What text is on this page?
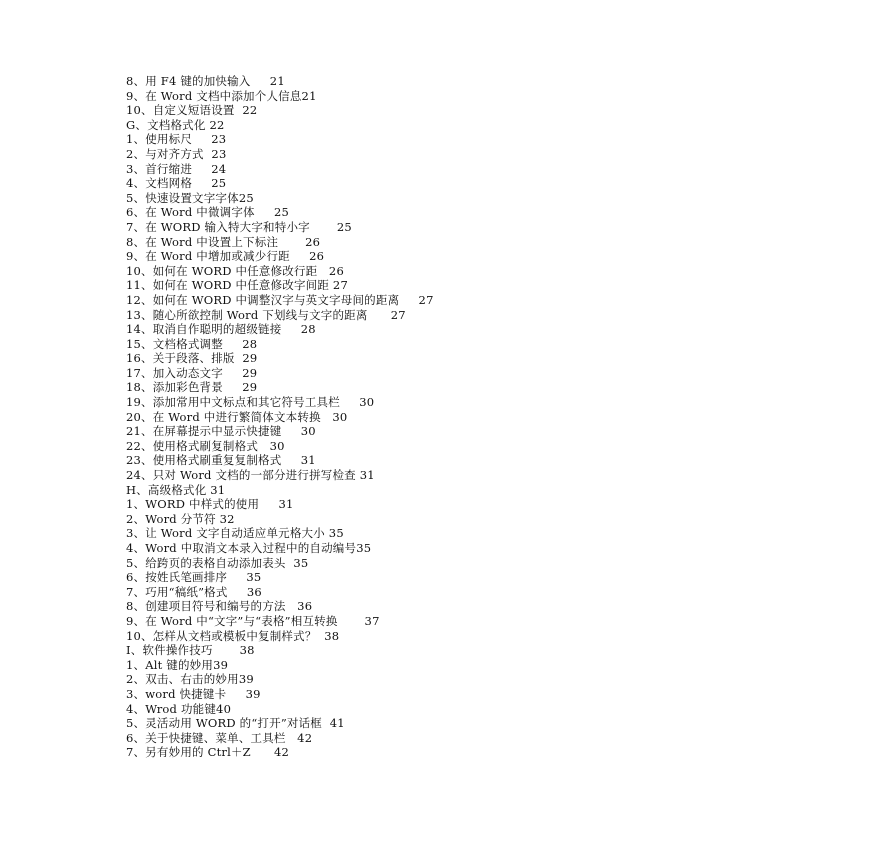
8、用 F4 键的加快输入     21
9、在 Word 文档中添加个人信息21
10、自定义短语设置  22
G、文档格式化 22
1、使用标尺     23
2、与对齐方式  23
3、首行缩进     24
4、文档网格     25
5、快速设置文字字体25
6、在 Word 中微调字体     25
7、在 WORD 输入特大字和特小字       25
8、在 Word 中设置上下标注       26
9、在 Word 中增加或减少行距     26
10、如何在 WORD 中任意修改行距   26
11、如何在 WORD 中任意修改字间距 27
12、如何在 WORD 中调整汉字与英文字母间的距离     27
13、随心所欲控制 Word 下划线与文字的距离      27
14、取消自作聪明的超级链接     28
15、文档格式调整     28
16、关于段落、排版  29
17、加入动态文字     29
18、添加彩色背景     29
19、添加常用中文标点和其它符号工具栏     30
20、在 Word 中进行繁简体文本转换   30
21、在屏幕提示中显示快捷键     30
22、使用格式刷复制格式   30
23、使用格式刷重复复制格式     31
24、只对 Word 文档的一部分进行拼写检查 31
H、高级格式化 31
1、WORD 中样式的使用     31
2、Word 分节符 32
3、让 Word 文字自动适应单元格大小 35
4、Word 中取消文本录入过程中的自动编号35
5、给跨页的表格自动添加表头  35
6、按姓氏笔画排序     35
7、巧用“稿纸”格式     36
8、创建项目符号和编号的方法   36
9、在 Word 中“文字”与“表格”相互转换       37
10、怎样从文档或模板中复制样式？  38
I、软件操作技巧       38
1、Alt 键的妙用39
2、双击、右击的妙用39
3、word 快捷键卡     39
4、Wrod 功能键40
5、灵活动用 WORD 的“打开”对话框  41
6、关于快捷键、菜单、工具栏   42
7、另有妙用的 Ctrl＋Z      42
